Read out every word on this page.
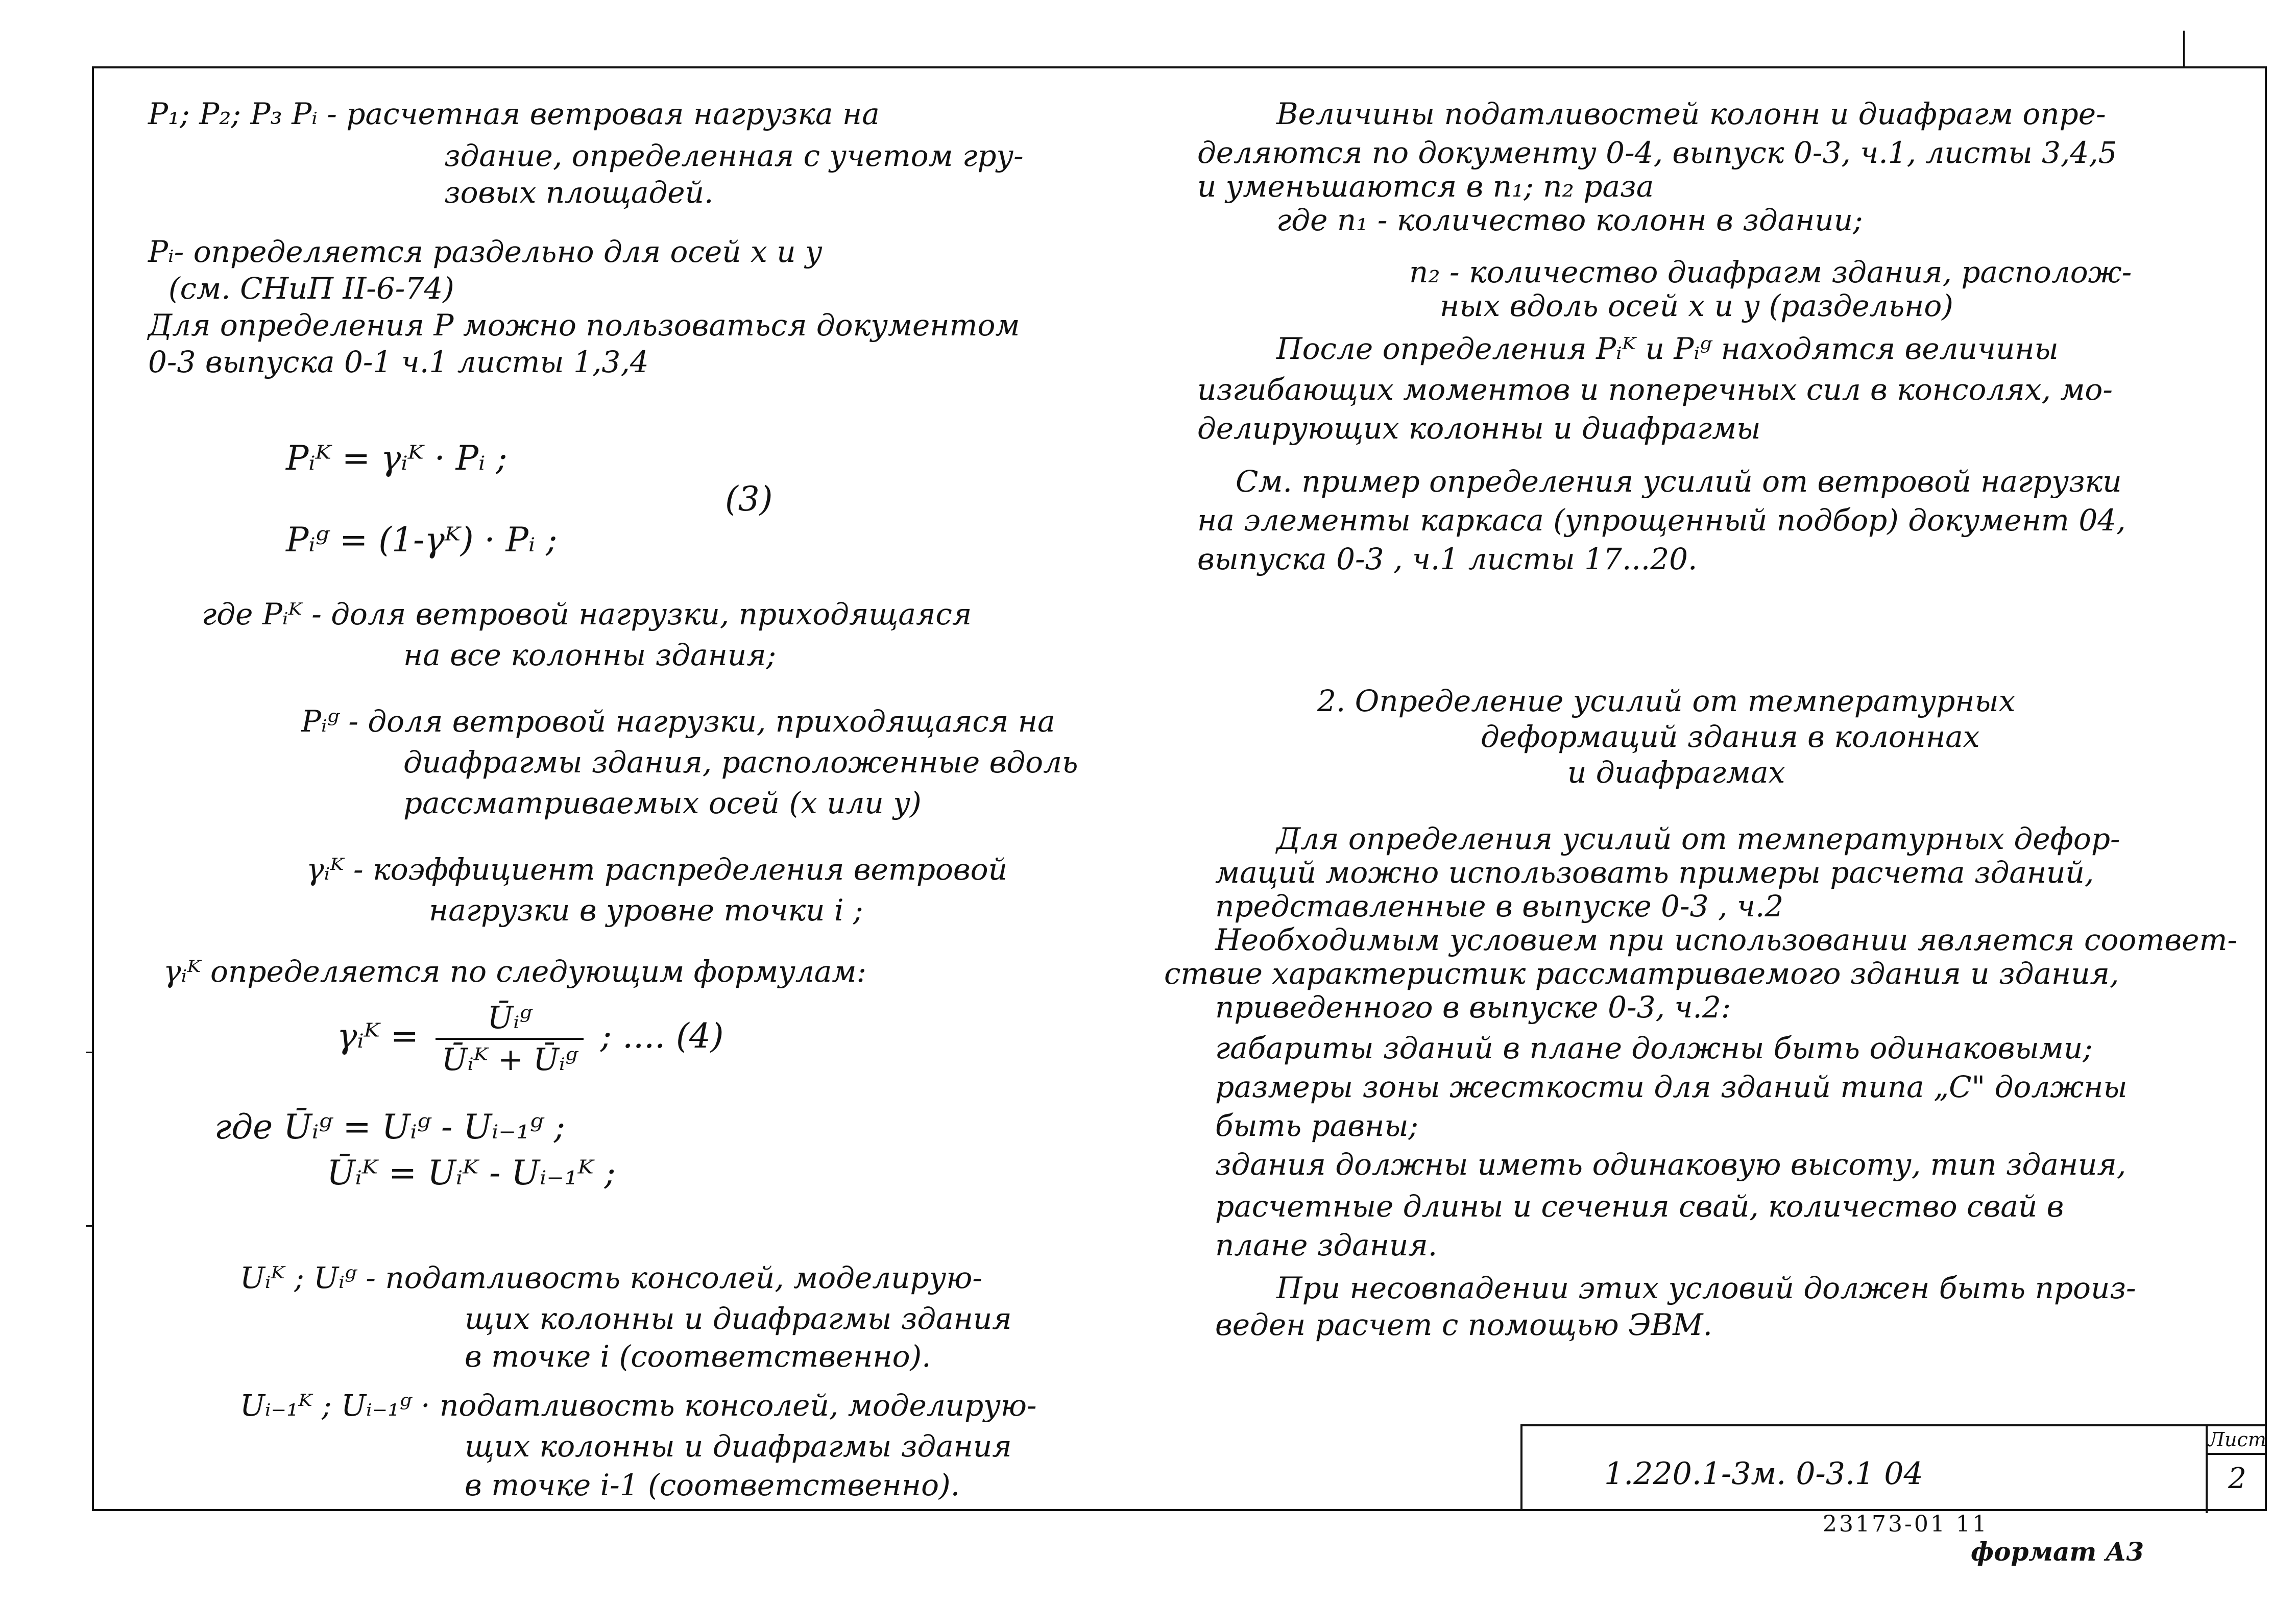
P₁; P₂; P₃ Pᵢ - расчетная ветровая нагрузка на
здание, определенная с учетом гру-
зовых площадей.
Pᵢ- определяется раздельно для осей x и y
(см. СНиП II-6-74)
Для определения P можно пользоваться документом
0-3 выпуска 0-1 ч.1 листы 1,3,4
Pᵢᴷ = γᵢᴷ · Pᵢ ;
Pᵢᵍ = (1-γᴷ) · Pᵢ ;
(3)
где Pᵢᴷ - доля ветровой нагрузки, приходящаяся
на все колонны здания;
Pᵢᵍ - доля ветровой нагрузки, приходящаяся на
диафрагмы здания, расположенные вдоль
рассматриваемых осей (x или y)
γᵢᴷ - коэффициент распределения ветровой
нагрузки в уровне точки i ;
γᵢᴷ определяется по следующим формулам:
γᵢᴷ = $\frac{\text{Ūᵢᵍ}}{\text{Ūᵢᴷ + Ūᵢᵍ}}$ ; .... (4)
где Ūᵢᵍ = Uᵢᵍ - Uᵢ₋₁ᵍ ;
Ūᵢᴷ = Uᵢᴷ - Uᵢ₋₁ᴷ ;
Uᵢᴷ ; Uᵢᵍ - податливость консолей, моделирую-
щих колонны и диафрагмы здания
в точке i (соответственно).
Uᵢ₋₁ᴷ ; Uᵢ₋₁ᵍ · податливость консолей, моделирую-
щих колонны и диафрагмы здания
в точке i-1 (соответственно).
Величины податливостей колонн и диафрагм опре-
деляются по документу 0-4, выпуск 0-3, ч.1, листы 3,4,5
и уменьшаются в n₁; n₂ раза
где n₁ - количество колонн в здании;
n₂ - количество диафрагм здания, располож-
ных вдоль осей x и y (раздельно)
После определения Pᵢᴷ и Pᵢᵍ находятся величины
изгибающих моментов и поперечных сил в консолях, мо-
делирующих колонны и диафрагмы
См. пример определения усилий от ветровой нагрузки
на элементы каркаса (упрощенный подбор) документ 04,
выпуска 0-3 , ч.1 листы 17...20.
2. Определение усилий от температурных
деформаций здания в колоннах
и диафрагмах
Для определения усилий от температурных дефор-
маций можно использовать примеры расчета зданий,
представленные в выпуске 0-3 , ч.2
Необходимым условием при использовании является соответ-
ствие характеристик рассматриваемого здания и здания,
приведенного в выпуске 0-3, ч.2:
габариты зданий в плане должны быть одинаковыми;
размеры зоны жесткости для зданий типа „С" должны
быть равны;
здания должны иметь одинаковую высоту, тип здания,
расчетные длины и сечения свай, количество свай в
плане здания.
При несовпадении этих условий должен быть произ-
веден расчет с помощью ЭВМ.
1.220.1-3м. 0-3.1 04
Лист
2
23173-01 11
формат А3
